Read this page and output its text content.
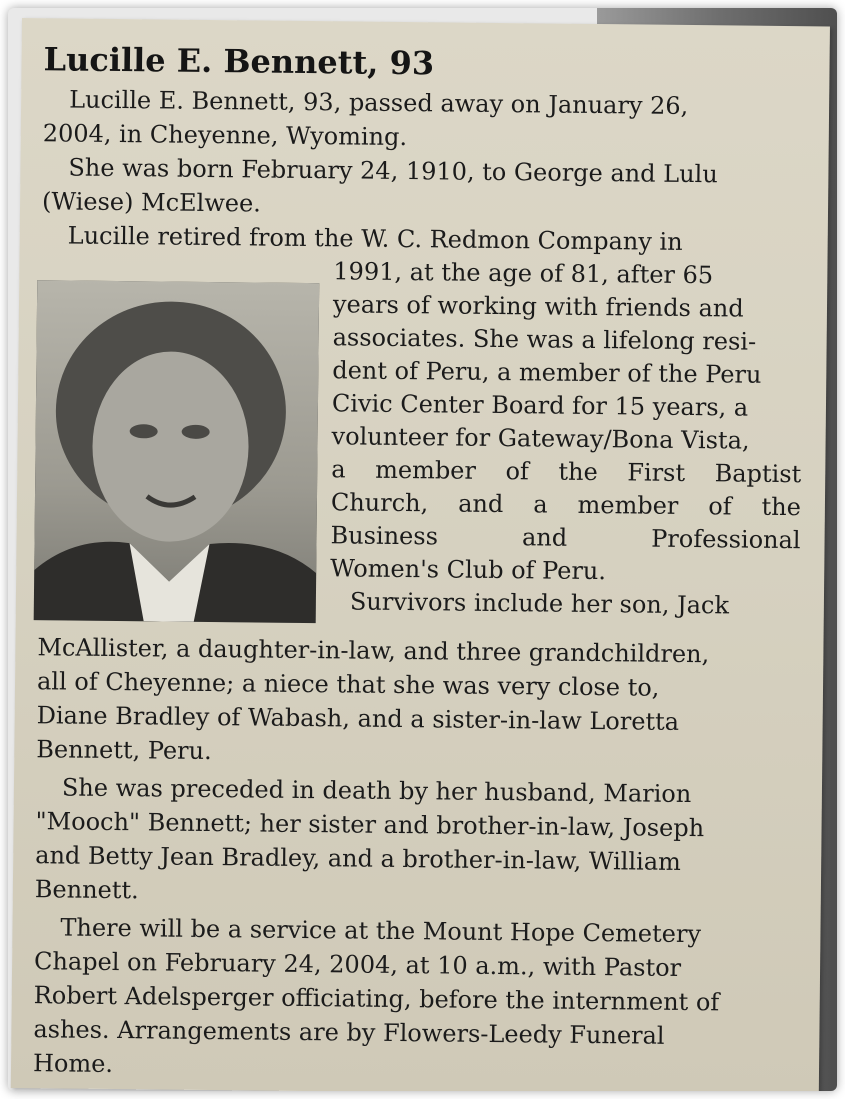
Lucille E. Bennett, 93

Lucille E. Bennett, 93, passed away on January 26,
2004, in Cheyenne, Wyoming.

She was born February 24, 1910, to George and Lulu
(Wiese) McElwee.

Lucille retired from the W. C. Redmon Company in

1991, at the age of 81, after 65
years of working with friends and
associates. She was a lifelong resi-
dent of Peru, a member of the Peru
Civic Center Board for 15 years, a
volunteer for Gateway/Bona Vista,
a member of the First Baptist
Church, and a member of the
Business and Professional
Women's Club of Peru.
Survivors include her son, Jack

McAllister, a daughter-in-law, and three grandchildren,
all of Cheyenne; a niece that she was very close to,
Diane Bradley of Wabash, and a sister-in-law Loretta
Bennett, Peru.

She was preceded in death by her husband, Marion
"Mooch" Bennett; her sister and brother-in-law, Joseph
and Betty Jean Bradley, and a brother-in-law, William
Bennett.

There will be a service at the Mount Hope Cemetery
Chapel on February 24, 2004, at 10 a.m., with Pastor
Robert Adelsperger officiating, before the internment of
ashes. Arrangements are by Flowers-Leedy Funeral
Home.
